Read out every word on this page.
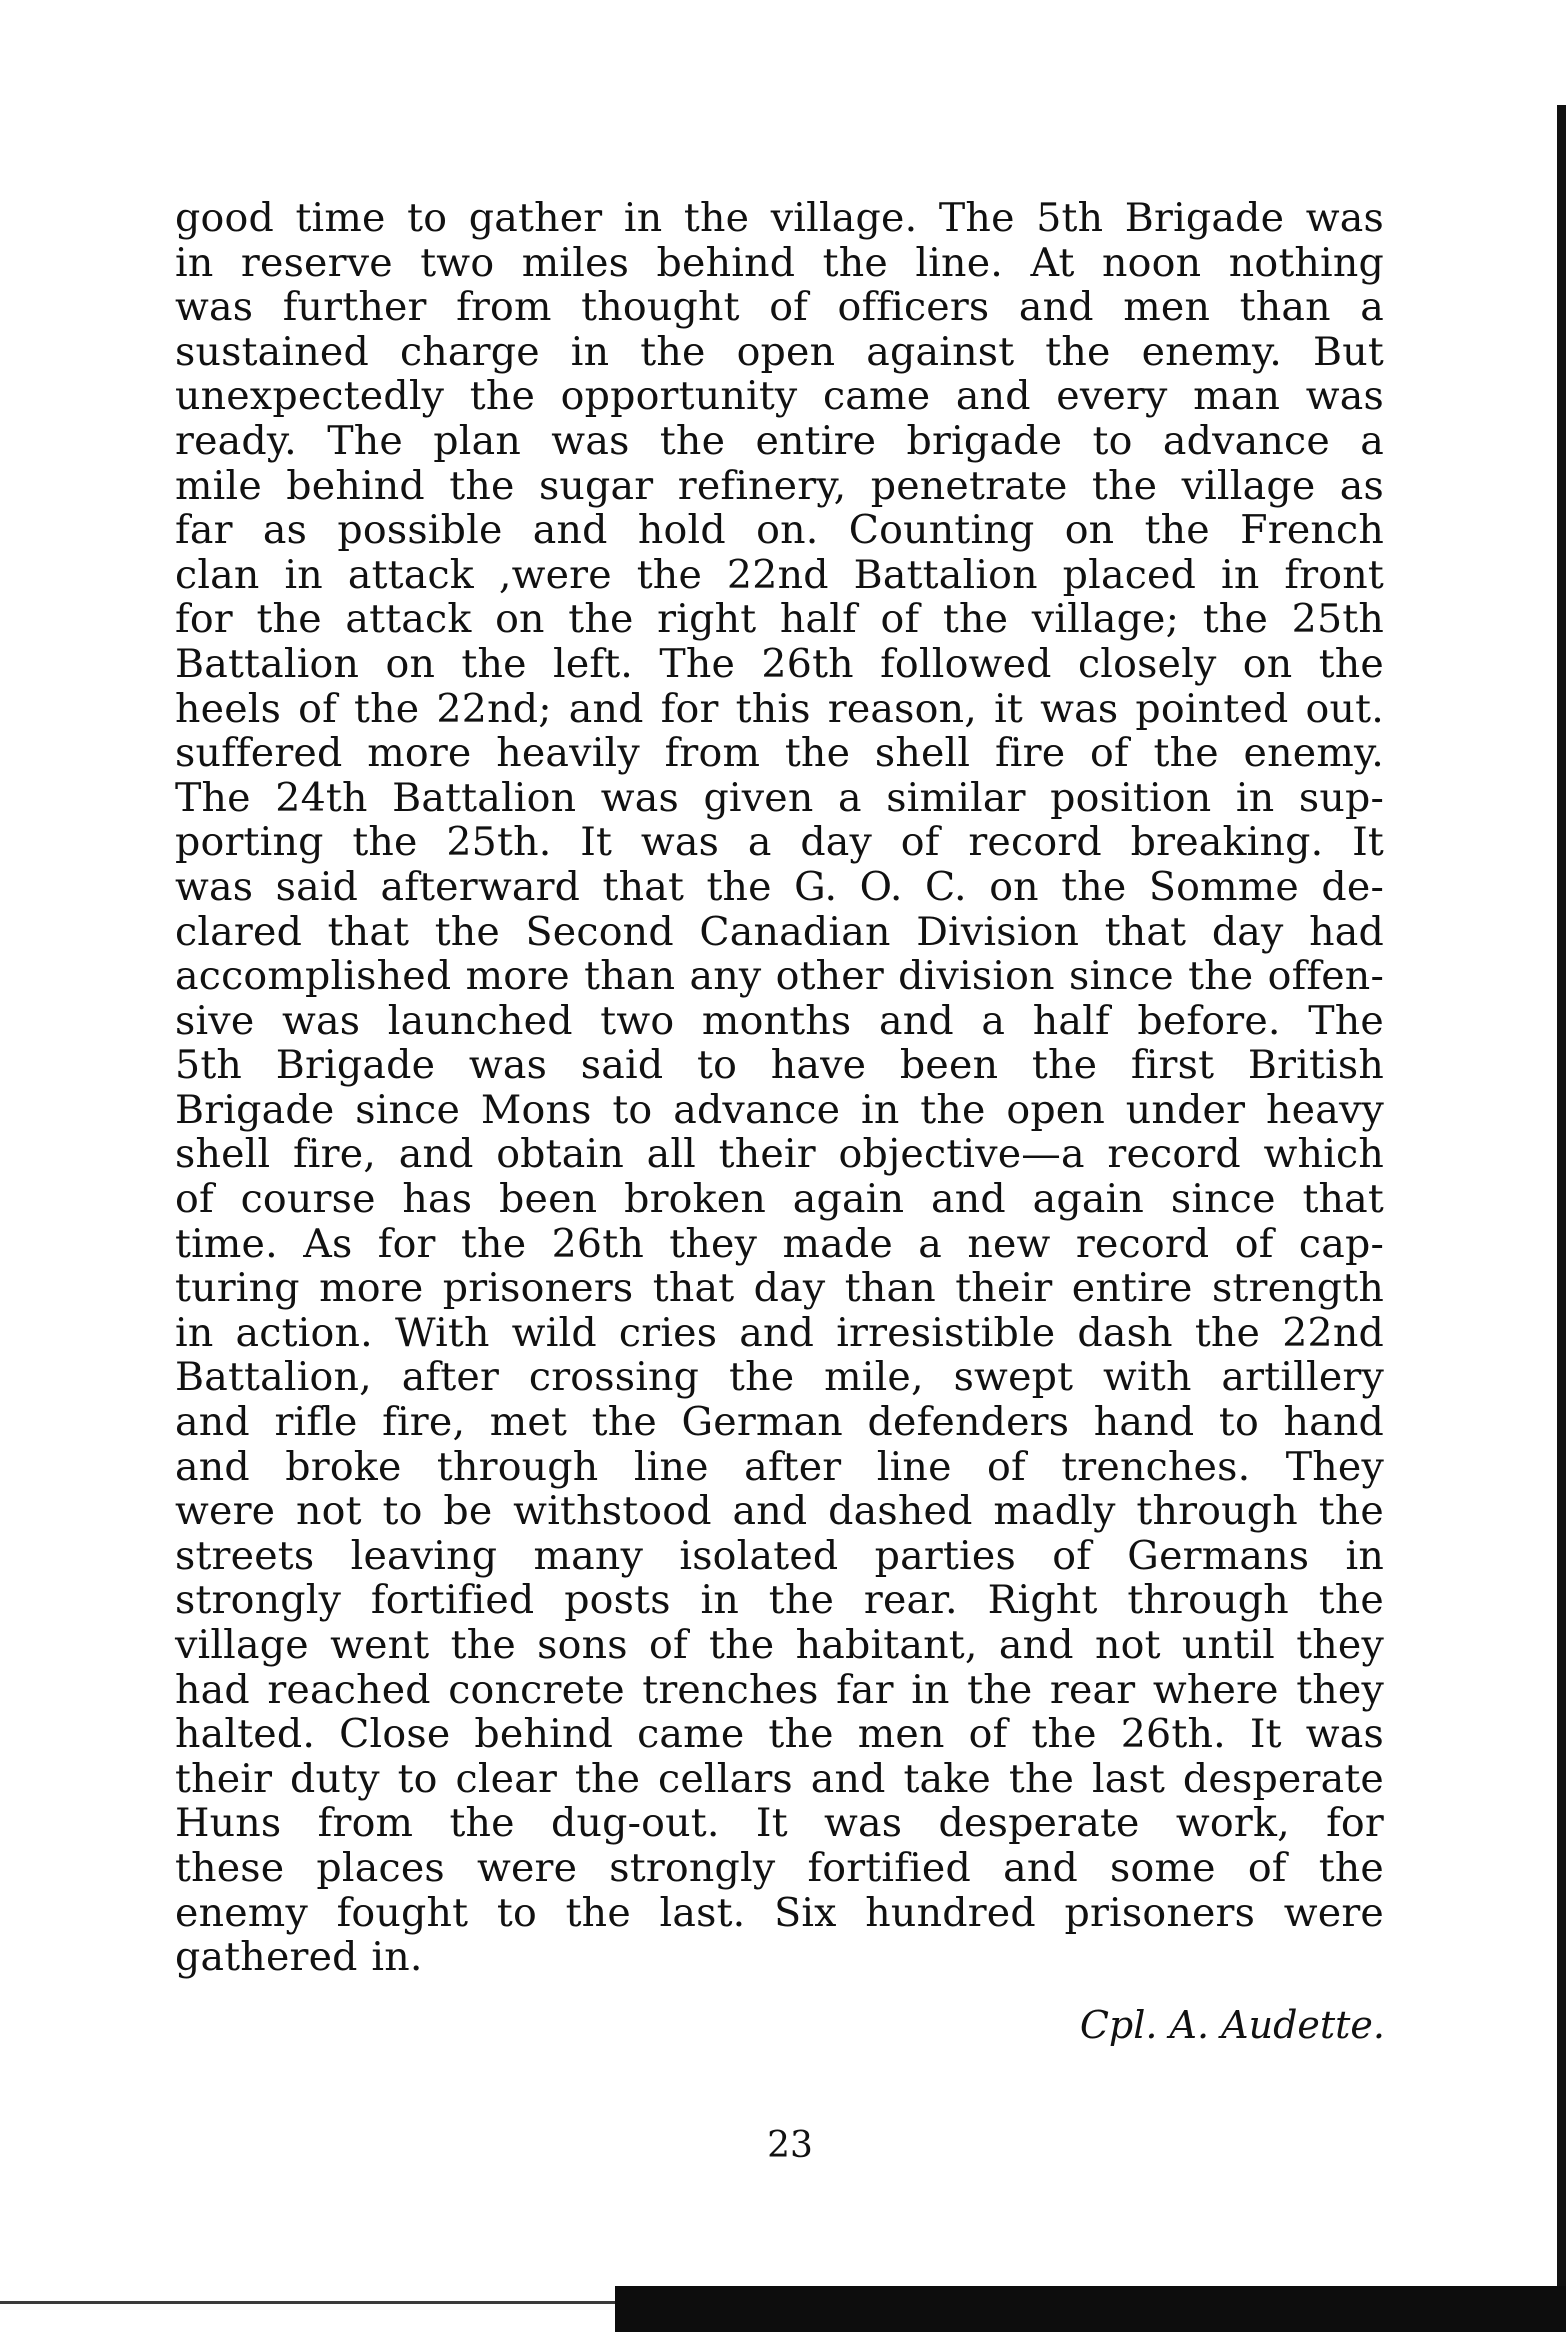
good time to gather in the village. The 5th Brigade was
in reserve two miles behind the line. At noon nothing
was further from thought of officers and men than a
sustained charge in the open against the enemy. But
unexpectedly the opportunity came and every man was
ready. The plan was the entire brigade to advance a
mile behind the sugar refinery, penetrate the village as
far as possible and hold on. Counting on the French
clan in attack ,were the 22nd Battalion placed in front
for the attack on the right half of the village; the 25th
Battalion on the left. The 26th followed closely on the
heels of the 22nd; and for this reason, it was pointed out.
suffered more heavily from the shell fire of the enemy.
The 24th Battalion was given a similar position in sup-
porting the 25th. It was a day of record breaking. It
was said afterward that the G. O. C. on the Somme de-
clared that the Second Canadian Division that day had
accomplished more than any other division since the offen-
sive was launched two months and a half before. The
5th Brigade was said to have been the first British
Brigade since Mons to advance in the open under heavy
shell fire, and obtain all their objective—a record which
of course has been broken again and again since that
time. As for the 26th they made a new record of cap-
turing more prisoners that day than their entire strength
in action. With wild cries and irresistible dash the 22nd
Battalion, after crossing the mile, swept with artillery
and rifle fire, met the German defenders hand to hand
and broke through line after line of trenches. They
were not to be withstood and dashed madly through the
streets leaving many isolated parties of Germans in
strongly fortified posts in the rear. Right through the
village went the sons of the habitant, and not until they
had reached concrete trenches far in the rear where they
halted. Close behind came the men of the 26th. It was
their duty to clear the cellars and take the last desperate
Huns from the dug-out. It was desperate work, for
these places were strongly fortified and some of the
enemy fought to the last. Six hundred prisoners were
gathered in.
Cpl. A. Audette.
23
